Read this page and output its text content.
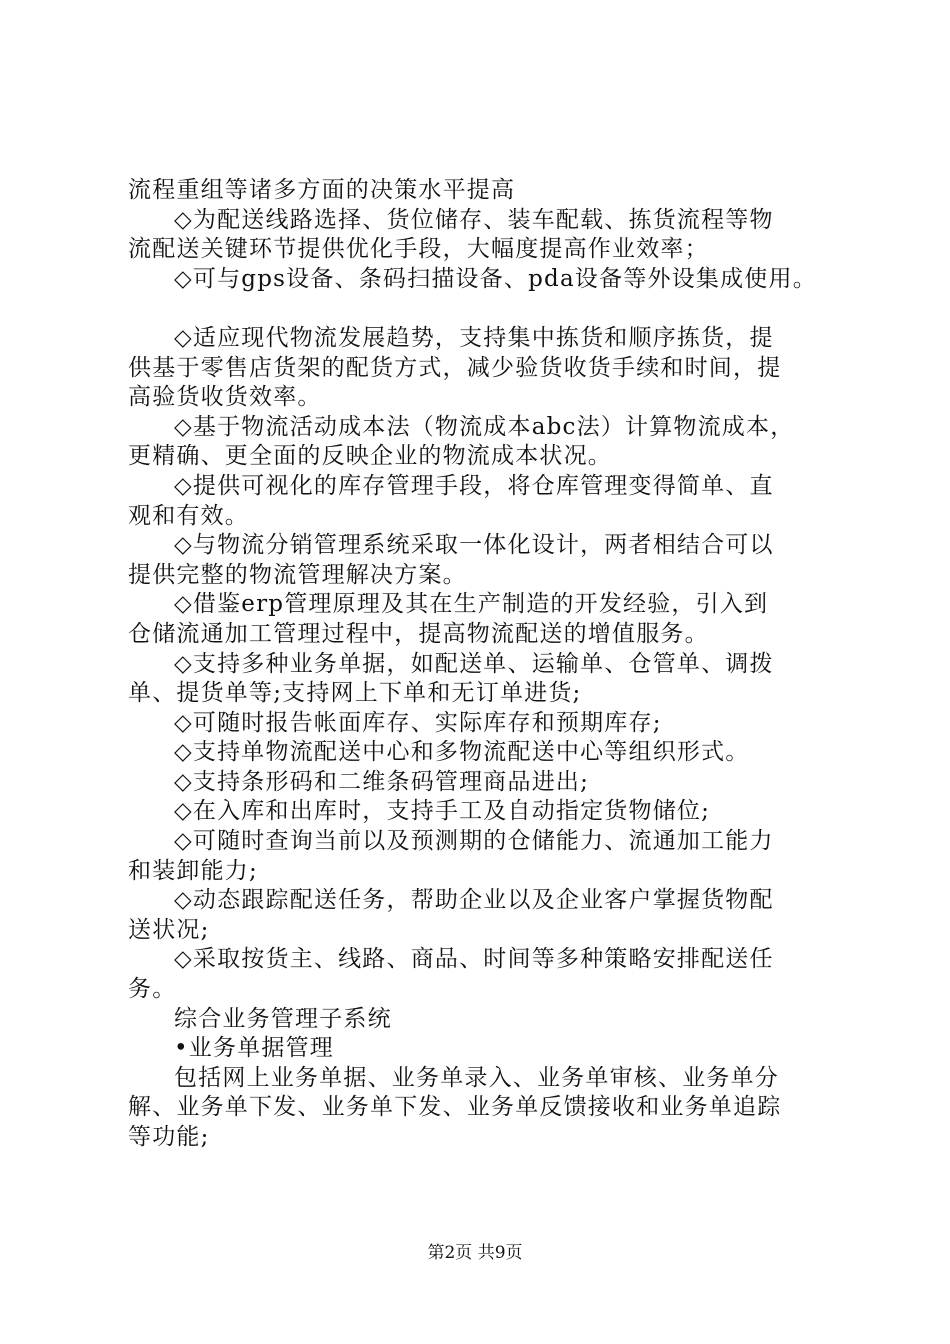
流程重组等诸多方面的决策水平提高
◇为配送线路选择、货位储存、装车配载、拣货流程等物
流配送关键环节提供优化手段，大幅度提高作业效率；
◇可与gps设备、条码扫描设备、pda设备等外设集成使用。
◇适应现代物流发展趋势，支持集中拣货和顺序拣货，提
供基于零售店货架的配货方式，减少验货收货手续和时间，提
高验货收货效率。
◇基于物流活动成本法（物流成本abc法）计算物流成本，
更精确、更全面的反映企业的物流成本状况。
◇提供可视化的库存管理手段，将仓库管理变得简单、直
观和有效。
◇与物流分销管理系统采取一体化设计，两者相结合可以
提供完整的物流管理解决方案。
◇借鉴erp管理原理及其在生产制造的开发经验，引入到
仓储流通加工管理过程中，提高物流配送的增值服务。
◇支持多种业务单据，如配送单、运输单、仓管单、调拨
单、提货单等;支持网上下单和无订单进货;
◇可随时报告帐面库存、实际库存和预期库存;
◇支持单物流配送中心和多物流配送中心等组织形式。
◇支持条形码和二维条码管理商品进出;
◇在入库和出库时，支持手工及自动指定货物储位;
◇可随时查询当前以及预测期的仓储能力、流通加工能力
和装卸能力;
◇动态跟踪配送任务，帮助企业以及企业客户掌握货物配
送状况;
◇采取按货主、线路、商品、时间等多种策略安排配送任
务。
综合业务管理子系统
•业务单据管理
包括网上业务单据、业务单录入、业务单审核、业务单分
解、业务单下发、业务单下发、业务单反馈接收和业务单追踪
等功能;
第2页 共9页
